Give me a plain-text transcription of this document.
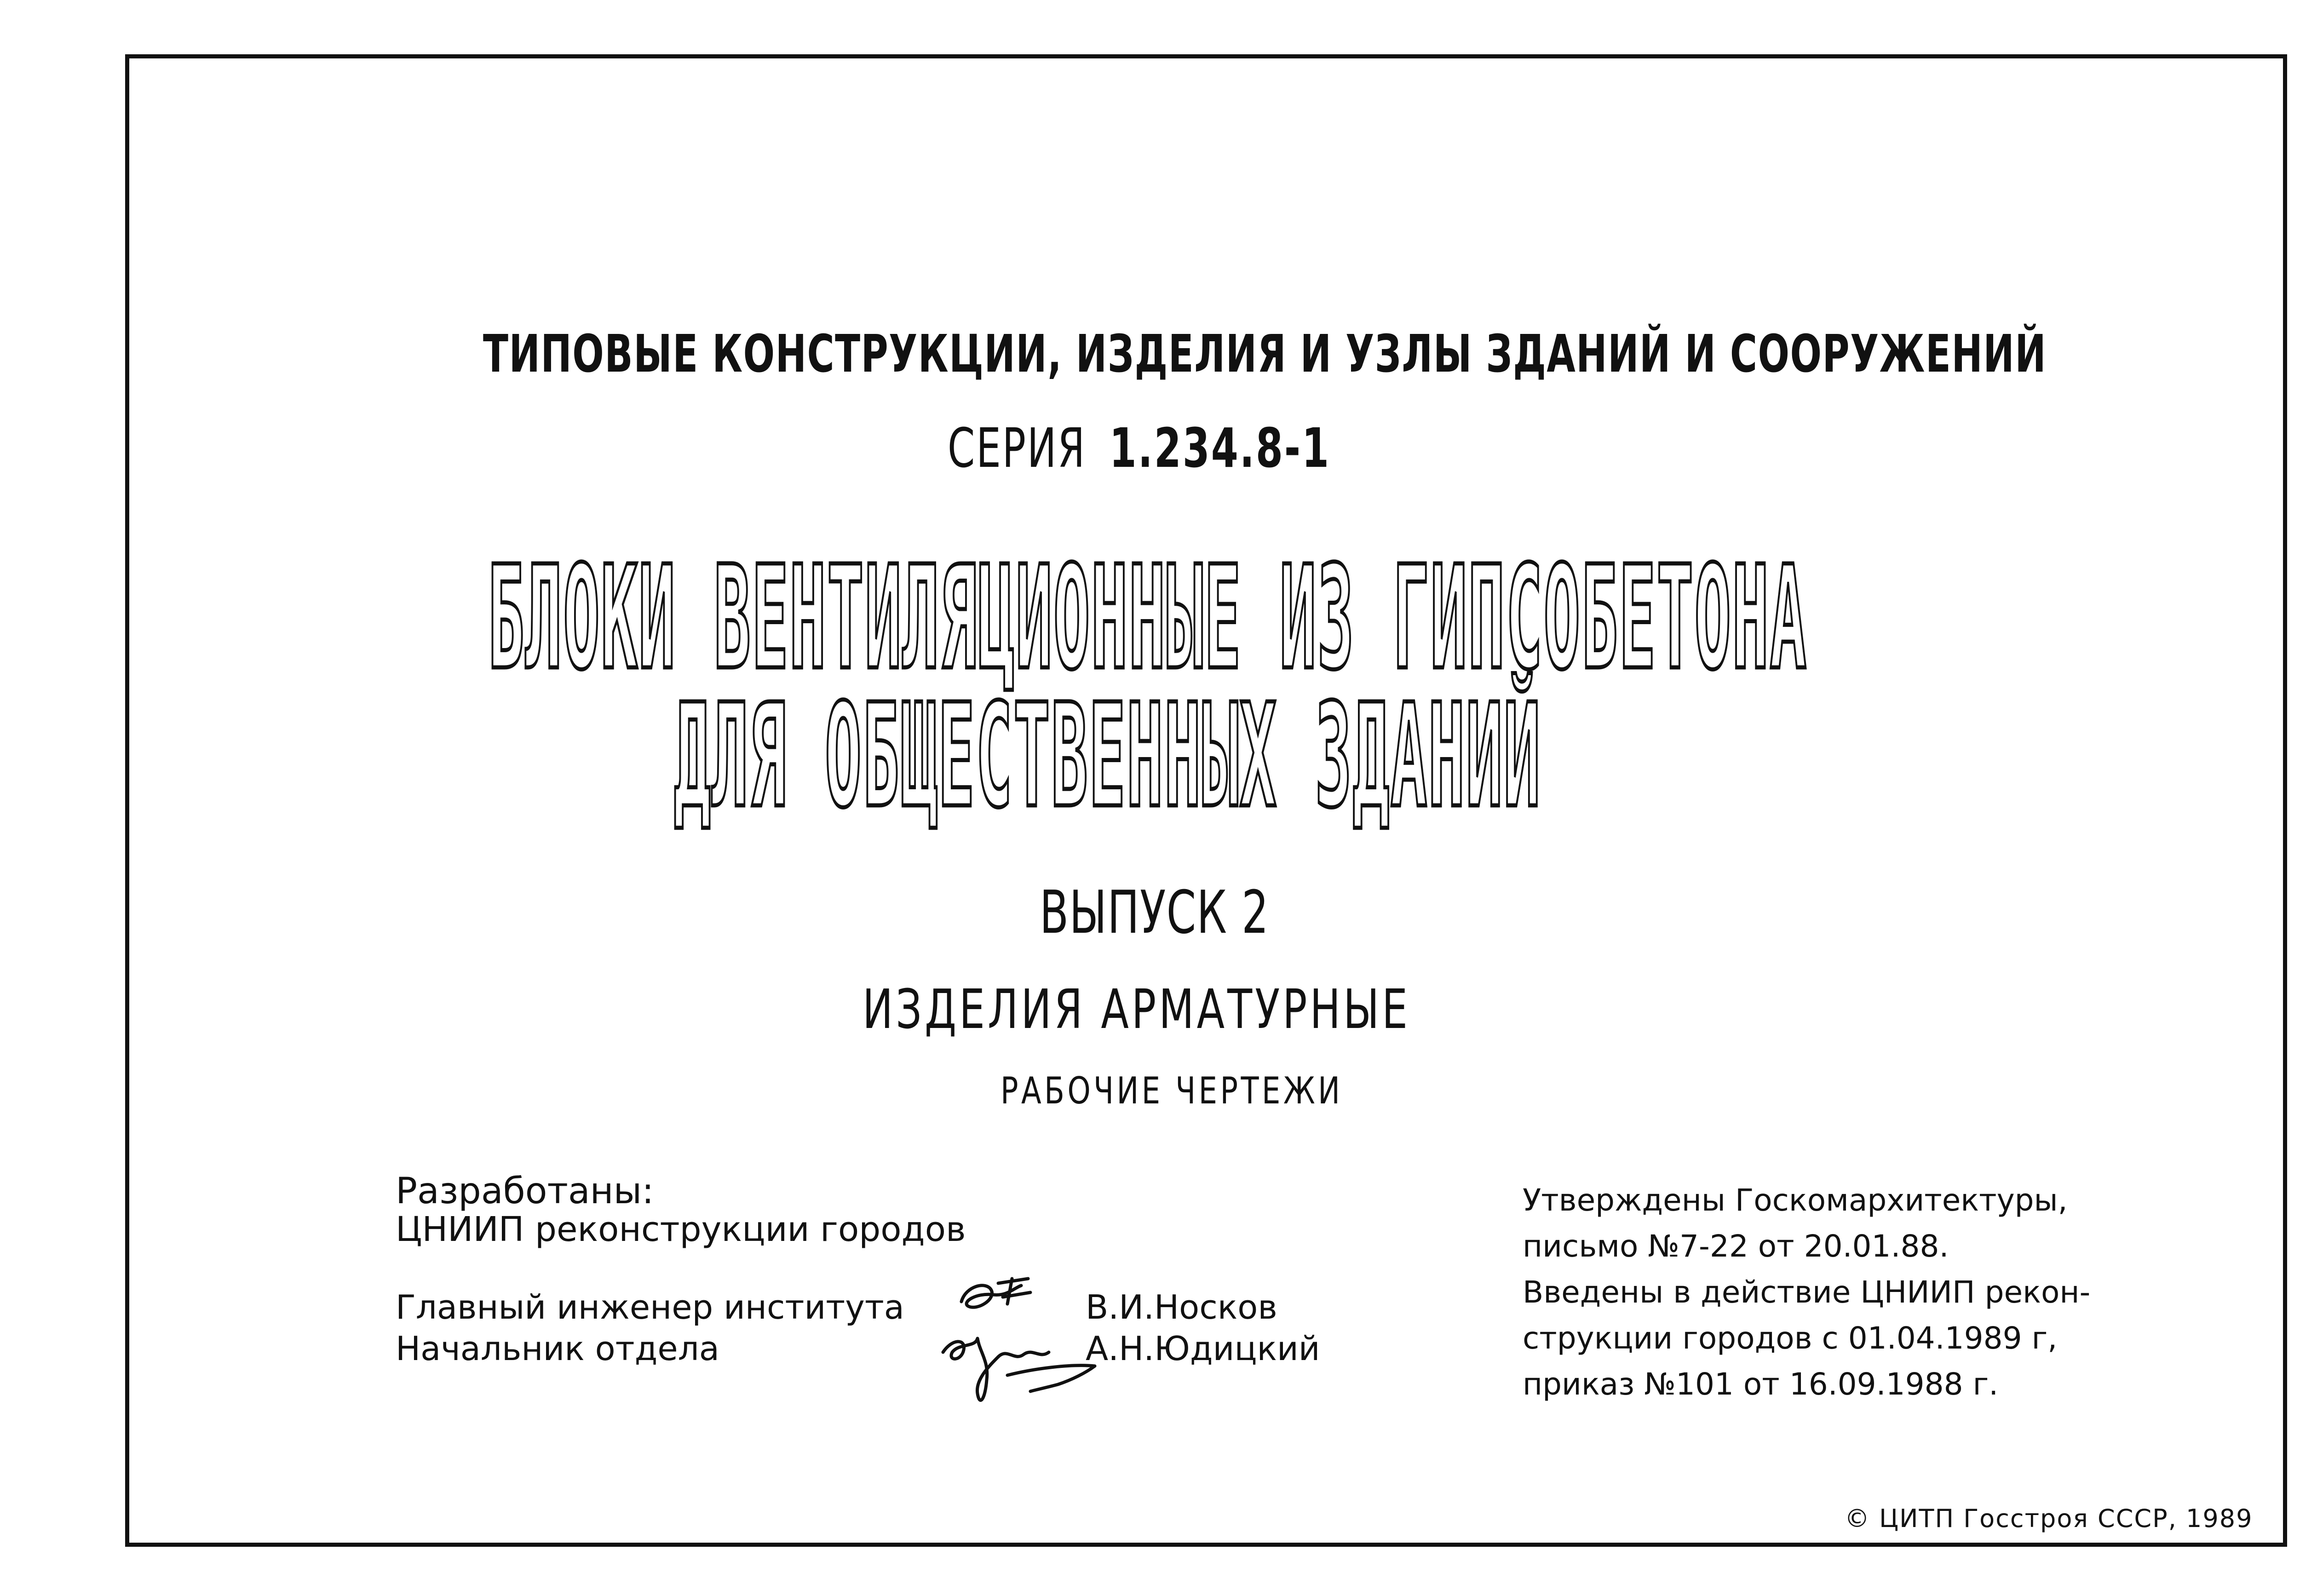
ТИПОВЫЕ КОНСТРУКЦИИ, ИЗДЕЛИЯ И УЗЛЫ ЗДАНИЙ И СООРУЖЕНИЙ
СЕРИЯ 1.234.8-1
БЛОКИ ВЕНТИЛЯЦИОННЫЕ ИЗ ГИПСОБЕТОНА
ДЛЯ ОБЩЕСТВЕННЫХ ЗДАНИЙ
ВЫПУСК 2
ИЗДЕЛИЯ АРМАТУРНЫЕ
РАБОЧИЕ ЧЕРТЕЖИ
Разработаны:
ЦНИИП реконструкции городов
Главный инженер института
Начальник отдела
В.И.Носков
А.Н.Юдицкий
Утверждены Госкомархитектуры,
письмо №7-22 от 20.01.88.
Введены в действие ЦНИИП рекон-
струкции городов с 01.04.1989 г,
приказ №101 от 16.09.1988 г.
© ЦИТП Госстроя СССР, 1989
